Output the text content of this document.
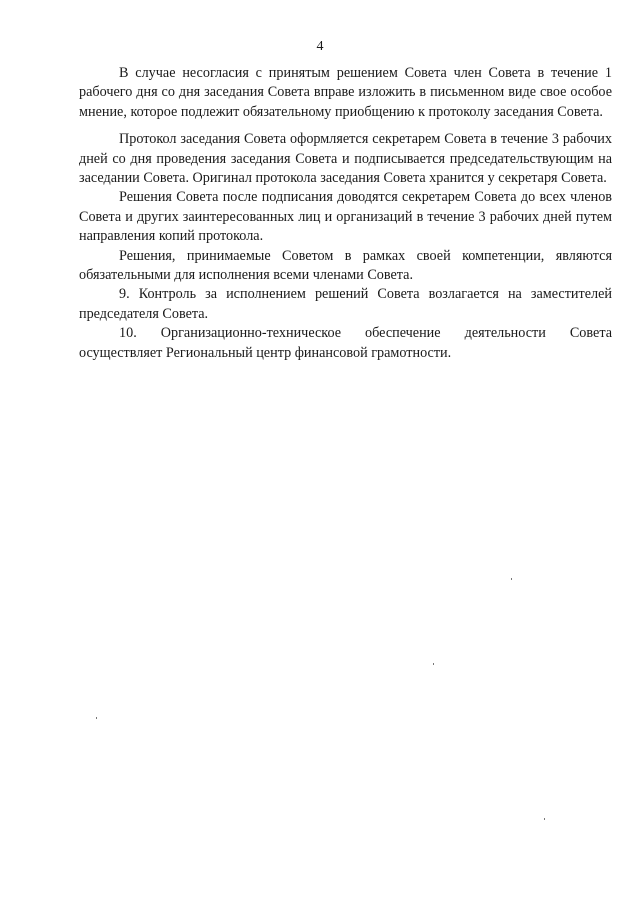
4

В случае несогласия с принятым решением Совета член Совета в течение 1 рабочего дня со дня заседания Совета вправе изложить в письменном виде свое особое мнение, которое подлежит обязательному приобщению к протоколу заседания Совета.

Протокол заседания Совета оформляется секретарем Совета в течение 3 рабочих дней со дня проведения заседания Совета и подписывается председательствующим на заседании Совета. Оригинал протокола заседания Совета хранится у секретаря Совета.

Решения Совета после подписания доводятся секретарем Совета до всех членов Совета и других заинтересованных лиц и организаций в течение 3 рабочих дней путем направления копий протокола.

Решения, принимаемые Советом в рамках своей компетенции, являются обязательными для исполнения всеми членами Совета.

9. Контроль за исполнением решений Совета возлагается на заместителей председателя Совета.

10. Организационно-техническое обеспечение деятельности Совета осуществляет Региональный центр финансовой грамотности.
